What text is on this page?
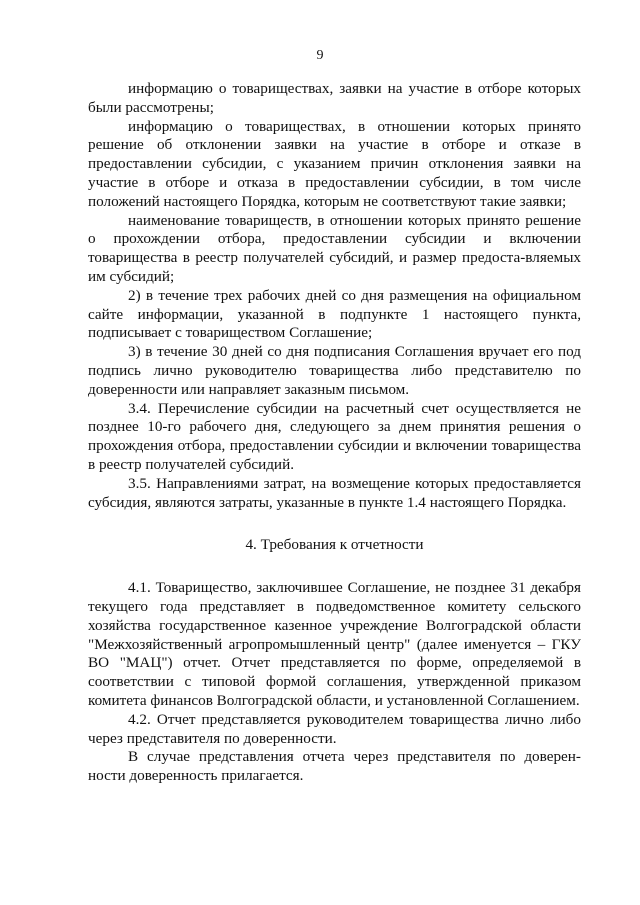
9

информацию о товариществах, заявки на участие в отборе которых были рассмотрены;

информацию о товариществах, в отношении которых принято решение об отклонении заявки на участие в отборе и отказе в предоставлении субсидии, с указанием причин отклонения заявки на участие в отборе и отказа в предоставлении субсидии, в том числе положений настоящего Порядка, которым не соответствуют такие заявки;

наименование товариществ, в отношении которых принято решение о прохождении отбора, предоставлении субсидии и включении товарищества в реестр получателей субсидий, и размер предоста-вляемых им субсидий;

2) в течение трех рабочих дней со дня размещения на официальном сайте информации, указанной в подпункте 1 настоящего пункта, подписывает с товариществом Соглашение;

3) в течение 30 дней со дня подписания Соглашения вручает его под подпись лично руководителю товарищества либо представителю по доверенности или направляет заказным письмом.

3.4. Перечисление субсидии на расчетный счет осуществляется не позднее 10-го рабочего дня, следующего за днем принятия решения о прохождения отбора, предоставлении субсидии и включении товарищества в реестр получателей субсидий.

3.5. Направлениями затрат, на возмещение которых предоставляется субсидия, являются затраты, указанные в пункте 1.4 настоящего Порядка.

4. Требования к отчетности

4.1. Товарищество, заключившее Соглашение, не позднее 31 декабря текущего года представляет в подведомственное комитету сельского хозяйства государственное казенное учреждение Волгоградской области "Межхозяйственный агропромышленный центр" (далее именуется – ГКУ ВО "МАЦ") отчет. Отчет представляется по форме, определяемой в соответствии с типовой формой соглашения, утвержденной приказом комитета финансов Волгоградской области, и установленной Соглашением.

4.2. Отчет представляется руководителем товарищества лично либо через представителя по доверенности.

В случае представления отчета через представителя по доверен-ности доверенность прилагается.
